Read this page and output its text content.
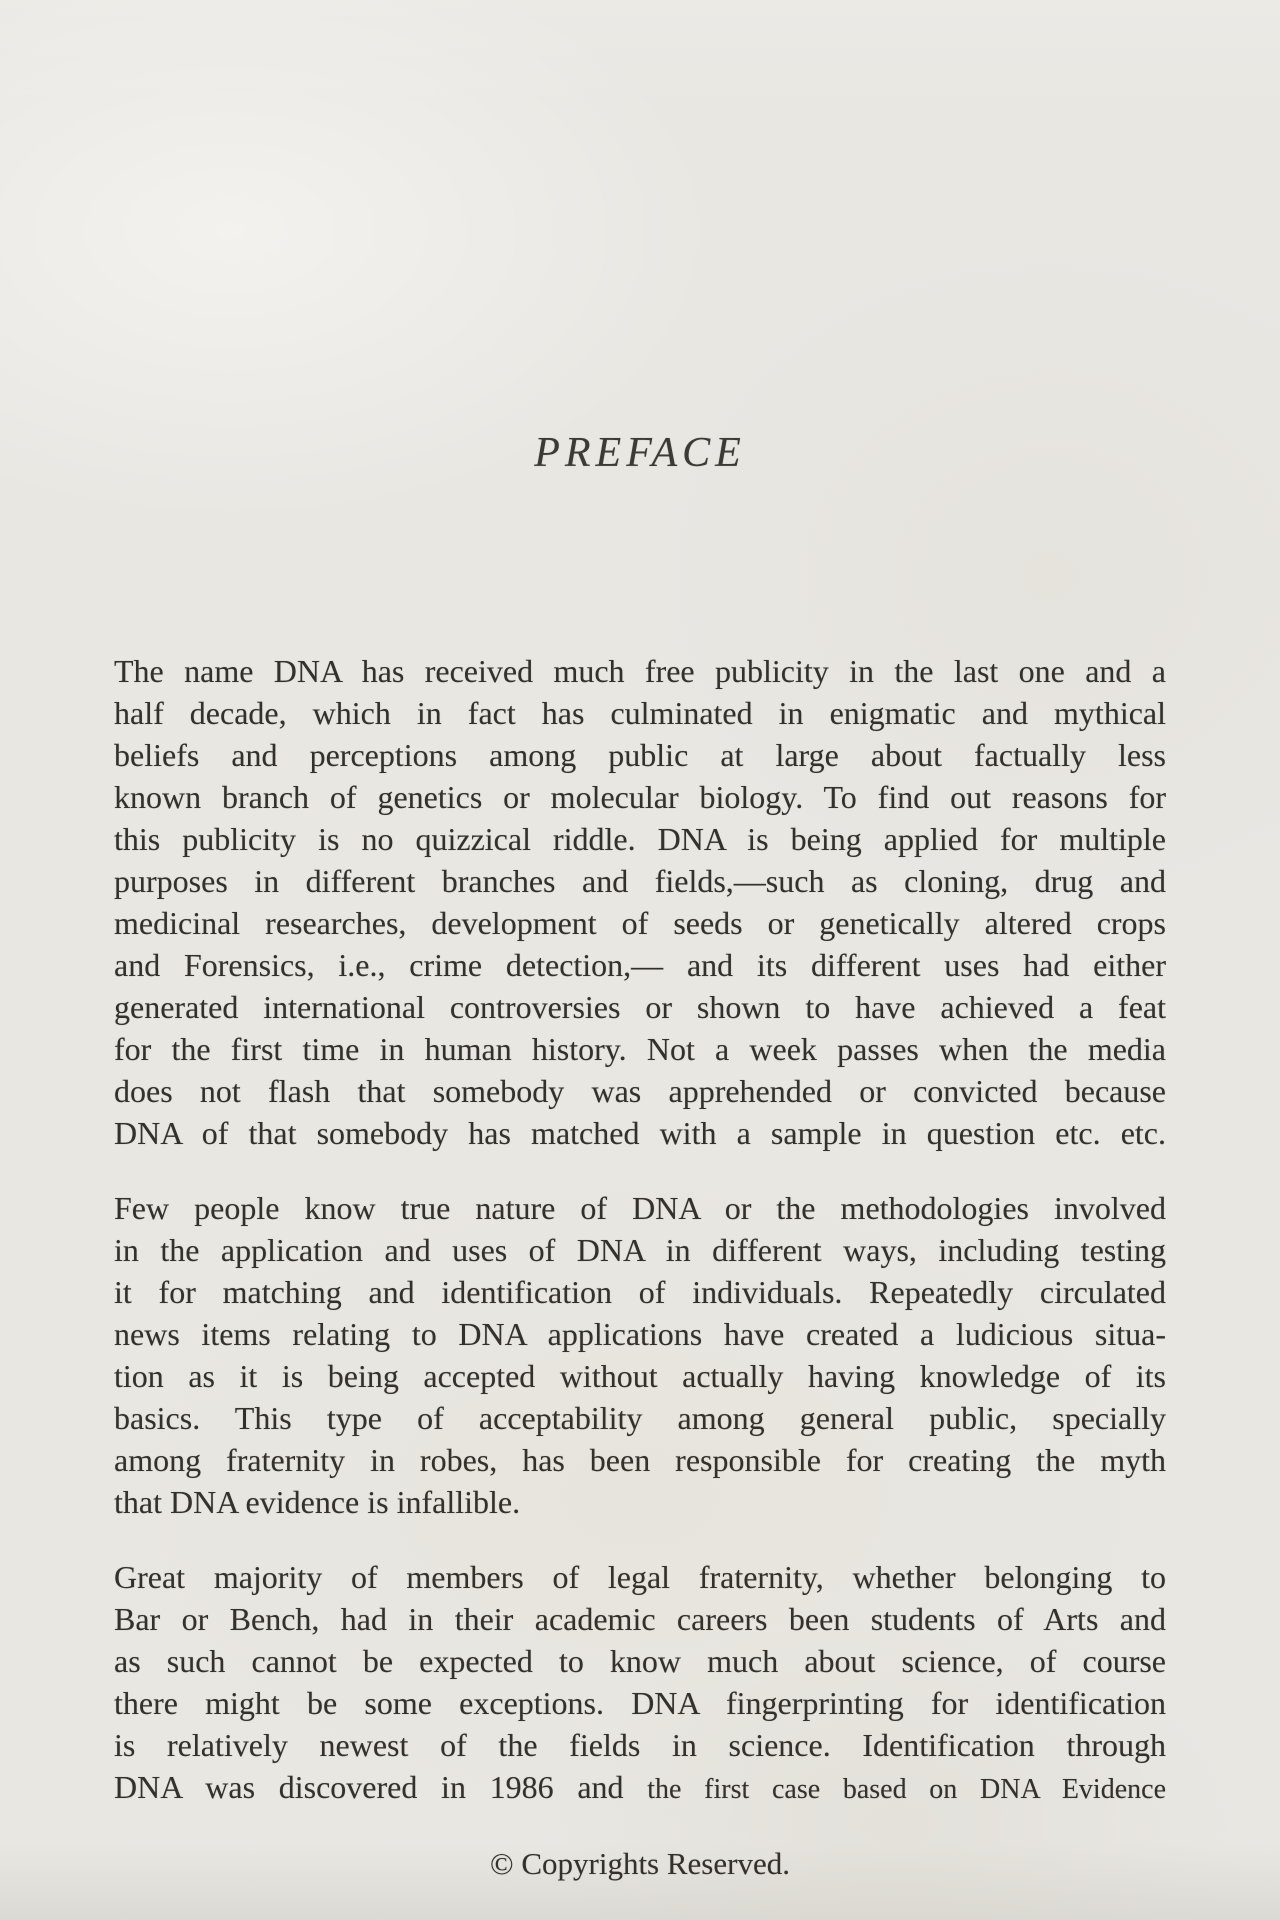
PREFACE
The name DNA has received much free publicity in the last one and a
half decade, which in fact has culminated in enigmatic and mythical
beliefs and perceptions among public at large about factually less
known branch of genetics or molecular biology. To find out reasons for
this publicity is no quizzical riddle. DNA is being applied for multiple
purposes in different branches and fields,—such as cloning, drug and
medicinal researches, development of seeds or genetically altered crops
and Forensics, i.e., crime detection,— and its different uses had either
generated international controversies or shown to have achieved a feat
for the first time in human history. Not a week passes when the media
does not flash that somebody was apprehended or convicted because
DNA of that somebody has matched with a sample in question etc. etc.
Few people know true nature of DNA or the methodologies involved
in the application and uses of DNA in different ways, including testing
it for matching and identification of individuals. Repeatedly circulated
news items relating to DNA applications have created a ludicious situa-
tion as it is being accepted without actually having knowledge of its
basics. This type of acceptability among general public, specially
among fraternity in robes, has been responsible for creating the myth
that DNA evidence is infallible.
Great majority of members of legal fraternity, whether belonging to
Bar or Bench, had in their academic careers been students of Arts and
as such cannot be expected to know much about science, of course
there might be some exceptions. DNA fingerprinting for identification
is relatively newest of the fields in science. Identification through
DNA was discovered in 1986 and the first case based on DNA Evidence
© Copyrights Reserved.
